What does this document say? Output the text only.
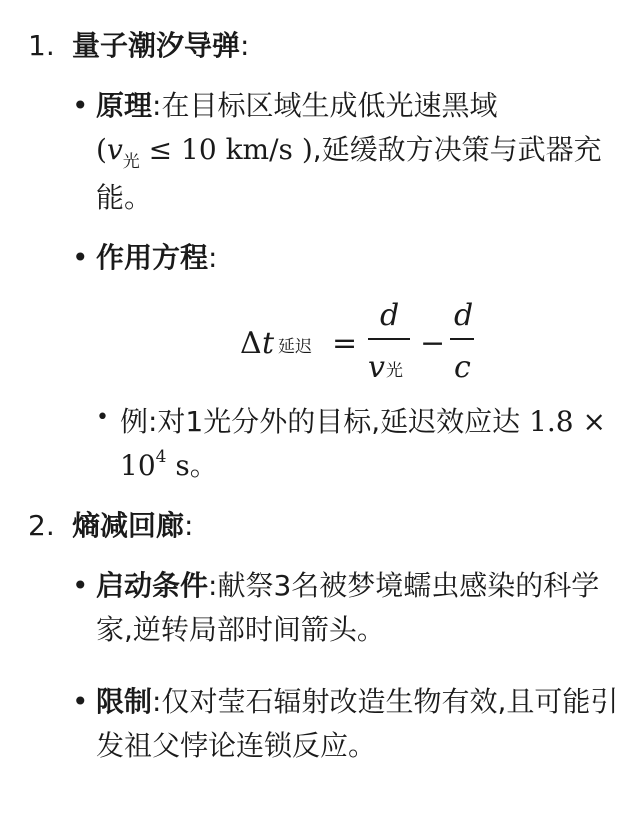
1. 量子潮汐导弹:
• 原理:在目标区域生成低光速黑域
($v_光 \le 10$ km/s ),延缓敌方决策与武器充能。
• 作用方程:
Δ t 延迟 =
d
v 光
−
d
c
• 例:对1光分外的目标,延迟效应达 $1.8 \times 10^4$ s。
2. 熵减回廊:
• 启动条件:献祭3名被梦境蠕虫感染的科学家,逆转局部时间箭头。
• 限制:仅对莹石辐射改造生物有效,且可能引发祖父悖论连锁反应。
